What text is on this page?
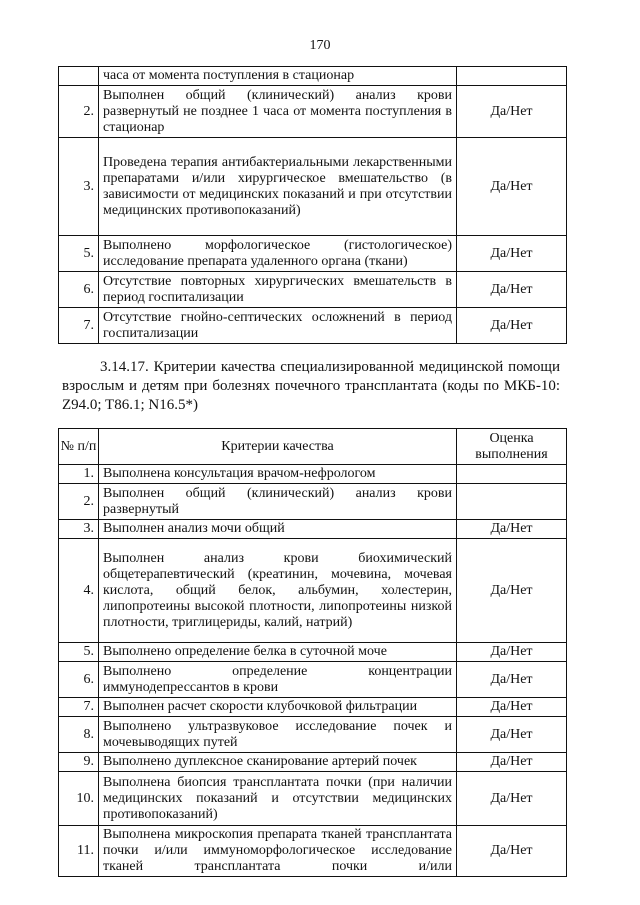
170
	часа от момента поступления в стационар	
2.	Выполнен общий (клинический) анализ крови развернутый не позднее 1 часа от момента поступления в стационар	Да/Нет
3.	Проведена терапия антибактериальными лекарственными препаратами и/или хирургическое вмешательство (в зависимости от медицинских показаний и при отсутствии медицинских противопоказаний)	Да/Нет
5.	Выполнено морфологическое (гистологическое) исследование препарата удаленного органа (ткани)	Да/Нет
6.	Отсутствие повторных хирургических вмешательств в период госпитализации	Да/Нет
7.	Отсутствие гнойно-септических осложнений в период госпитализации	Да/Нет
3.14.17. Критерии качества специализированной медицинской помощи взрослым и детям при болезнях почечного трансплантата (коды по МКБ-10: Z94.0; T86.1; N16.5*)
№ п/п	Критерии качества	Оценка выполнения
1.	Выполнена консультация врачом-нефрологом	
2.	Выполнен общий (клинический) анализ крови развернутый	
3.	Выполнен анализ мочи общий	Да/Нет
4.	Выполнен анализ крови биохимический общетерапевтический (креатинин, мочевина, мочевая кислота, общий белок, альбумин, холестерин, липопротеины высокой плотности, липопротеины низкой плотности, триглицериды, калий, натрий)	Да/Нет
5.	Выполнено определение белка в суточной моче	Да/Нет
6.	Выполнено определение концентрации иммунодепрессантов в крови	Да/Нет
7.	Выполнен расчет скорости клубочковой фильтрации	Да/Нет
8.	Выполнено ультразвуковое исследование почек и мочевыводящих путей	Да/Нет
9.	Выполнено дуплексное сканирование артерий почек	Да/Нет
10.	Выполнена биопсия трансплантата почки (при наличии медицинских показаний и отсутствии медицинских противопоказаний)	Да/Нет
11.	Выполнена микроскопия препарата тканей трансплантата почки и/или иммуноморфологическое исследование тканей трансплантата почки и/или	Да/Нет
